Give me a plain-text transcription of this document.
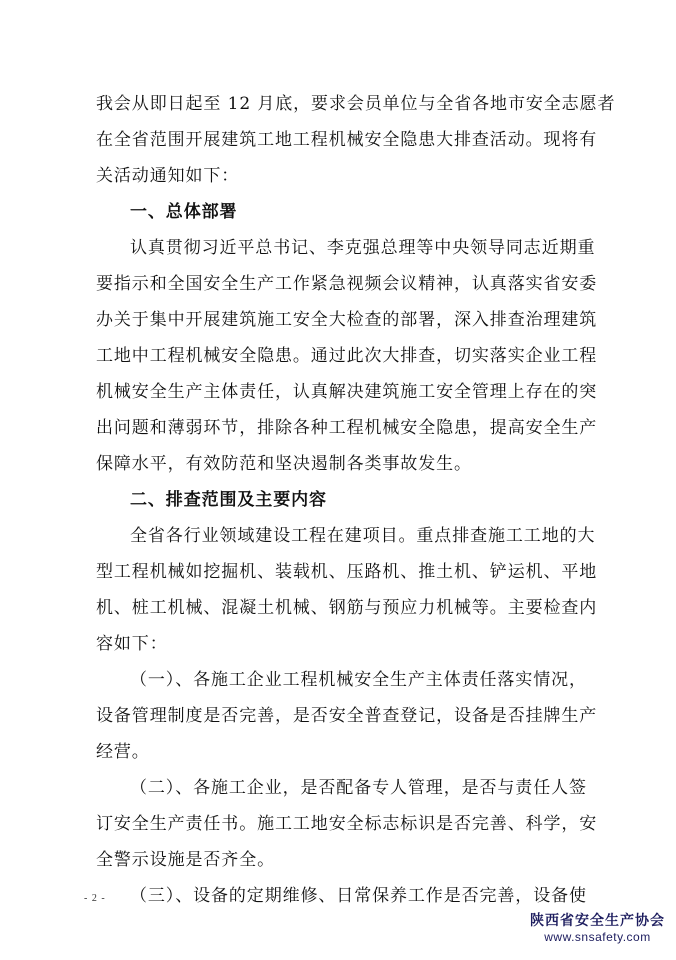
我会从即日起至 12 月底，要求会员单位与全省各地市安全志愿者
在全省范围开展建筑工地工程机械安全隐患大排查活动。现将有
关活动通知如下：
一、总体部署
认真贯彻习近平总书记、李克强总理等中央领导同志近期重
要指示和全国安全生产工作紧急视频会议精神，认真落实省安委
办关于集中开展建筑施工安全大检查的部署，深入排查治理建筑
工地中工程机械安全隐患。通过此次大排查，切实落实企业工程
机械安全生产主体责任，认真解决建筑施工安全管理上存在的突
出问题和薄弱环节，排除各种工程机械安全隐患，提高安全生产
保障水平，有效防范和坚决遏制各类事故发生。
二、排查范围及主要内容
全省各行业领域建设工程在建项目。重点排查施工工地的大
型工程机械如挖掘机、装载机、压路机、推土机、铲运机、平地
机、桩工机械、混凝土机械、钢筋与预应力机械等。主要检查内
容如下：
（一）、各施工企业工程机械安全生产主体责任落实情况，
设备管理制度是否完善，是否安全普查登记，设备是否挂牌生产
经营。
（二）、各施工企业，是否配备专人管理，是否与责任人签
订安全生产责任书。施工工地安全标志标识是否完善、科学，安
全警示设施是否齐全。
（三）、设备的定期维修、日常保养工作是否完善，设备使
- 2 -
陕西省安全生产协会
www.snsafety.com
